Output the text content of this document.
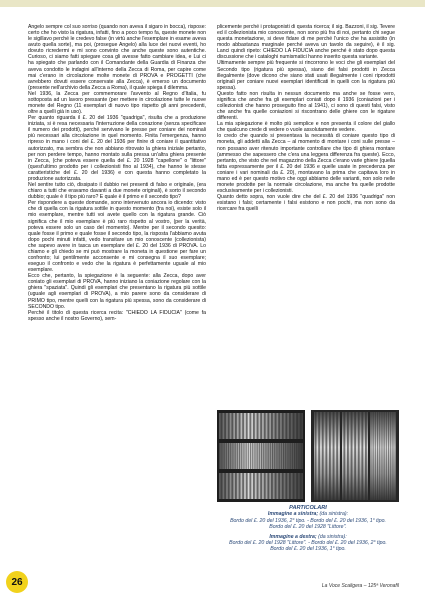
Angelo sempre col suo sorriso (quando non aveva il sigaro in bocca), rispose: certo che ho visto la rigatura, infatti, fino a poco tempo fa, queste monete non le sigillavo perché le credevo false (in virtù anche l'esemplare in esame aveva avuto quella sorte), ma poi, (prosegue Angelo) alla luce dei nuovi eventi, ho dovuto ricredermi e mi sono convinto che anche queste sono autentiche. Curioso, ci siamo fatti spiegare cosa gli avesse fatto cambiare idea, e Lui ci ha spiegato che parlando con il Comandante della Guardia di Finanza che aveva condotto le indagini all'interno della Zecca di Roma, per capire come mai c'erano in circolazione molte monete di PROVA e PROGETTI (che avrebbero dovuti essere conservate alla Zecca), è emerso un documento (presente nell'archivio della Zecca a Roma), il quale spiega il dilemma.

Nel 1936, la Zecca per commemorare l'avvento al Regno d'Italia, fu sottoposta ad un lavoro pressante (per mettere in circolazione tutte le nuove monete del Regno (11 esemplari di nuovo tipo rispetto gli anni precedenti, oltre a quelli già in uso).

Per quanto riguarda il £. 20 del 1936 "quadriga", risulta che a produzione iniziata, si è resa necessaria l'interruzione della conazione (senza specificare il numero dei prodotti), perché servivano le presse per coniare dei nominali più necessari alla circolazione in quel momento. Finita l'emergenza, hanno ripreso in mano i coni del £. 20 del 1936 per finire di coniare il quantitativo autorizzato, ma sembra che non abbiano ritrovato la ghiera iniziale pertanto, per non perdere tempo, hanno montato sulla pressa un'altra ghiera presente in Zecca, (che poteva essere quella del £. 20 1928 "capellone" o "littore" (quest'ultimo prodotto per i collezionisti fino al 1934), che hanno le stesse caratteristiche del £. 20 del 1936) e con questa hanno completato la produzione autorizzata.

Nel sentire tutto ciò, dissipato il dubbio nei presenti di falso e originale, (era chiaro a tutti che eravamo davanti a due monete originali), è sorto il secondo dubbio; quale è il tipo più raro? E quale è il primo e il secondo tipo?

Per rispondere a queste domande, sono intervenuto ancora io dicendo: visto che di quella con la rigatura sottile in questo momento (fra noi), esiste solo il mio esemplare, mentre tutti voi avete quello con la rigatura grande. Ciò significa che il mio esemplare è più raro rispetto al vostro, (per la verità, poteva essere solo un caso del momento). Mentre per il secondo quesito: quale fosse il primo e quale fosse il secondo tipo, la risposta l'abbiamo avuta dopo pochi minuti infatti, vedo transitare un mio conoscente (collezionista) che sapevo avere in tasca un esemplare del £. 20 del 1936 di PROVA. Lo chiamo e gli chiedo se mi può mostrare la moneta in questione per fare un confronto; lui gentilmente acconsente e mi consegna il suo esemplare; eseguo il confronto e vedo che la rigatura è perfettamente uguale al mio esemplare.

Ecco che, pertanto, la spiegazione è la seguente: alla Zecca, dopo aver coniato gli esemplari di PROVA, hanno iniziano la coniazione regolare con la ghiera "spaziata". Quindi gli esemplari che presentano la rigatura più sottile (uguale agli esemplari di PROVA), a mio parere sono da considerare di PRIMO tipo, mentre quelli con la rigatura più spessa, sono da considerare di SECONDO tipo.

Perché il titolo di questa ricerca recita: "CHIEDO LA FIDUCIA" (come fa spesso anche il nostro Governo), sem-

plicemente perché i protagonisti di questa ricerca; il sig. Bazzoni, il sig. Tevere ed il collezionista mio conoscente, non sono più fra di noi, pertanto chi segue questa monetazione, si deve fidare di me perché l'unico che ha assistito (in modo abbastanza marginale perché aveva un tavolo da seguire), è il sig. Lanci quindi ripeto: CHIEDO LA FIDUCIA anche perché è stato dopo questa discussione che i cataloghi numismatici hanno inserito questa variante.

Ultimamente sempre più frequente si rincorrono le voci che gli esemplari del Secondo tipo (rigatura più spessa), siano dei falsi prodotti in Zecca illegalmente (dove dicono che siano stati usati illegalmente i coni riprodotti originali per coniare nuovi esemplari identificati in quelli con la rigatura più spessa).

Questo fatto non risulta in nessun documento ma anche se fosse vero, significa che anche fra gli esemplari coniati dopo il 1936 (coniazioni per i collezionisti che hanno proseguito fino al 1941), ci sono di questi falsi, visto che anche fra quelle coniazioni si riscontrano delle ghiere con le rigature differenti.

La mia spiegazione è molto più semplice e non presenta il colore del giallo che qualcuno crede di vedere o vuole assolutamente vedere.

Io credo che quando si presentava la necessità di coniare questo tipo di moneta, gli addetti alla Zecca – al momento di montare i coni sulle presse – non possano aver ritenuto importante controllare che tipo di ghiera montare (ammesso che sapessero che c'era una leggera differenza fra queste). Ecco, pertanto, che visto che nel magazzino della Zecca c'erano varie ghiere (quella fatta espressamente per il £. 20 del 1936 e quelle usate in precedenza per coniare i vari nominali da £. 20), montavano la prima che capitava loro in mano ed è per questo motivo che oggi abbiamo delle varianti, non solo nelle monete prodotte per la normale circolazione, ma anche fra quelle prodotte esclusivamente per i collezionisti.

Quanto detto sopra, non vuole dire che del £. 20 del 1936 "quadriga" non esistano i falsi; certamente i falsi esistono e non pochi, ma non sono da ricercare fra quelli

PARTICOLARI
Immagine a sinistra; (da sinistra):
Bordo del £. 20 del 1936, 2° tipo. - Bordo del £. 20 del 1936, 1° tipo.
Bordo del £. 20 del 1928 "Littore".
Immagine a destra; (da sinistra):
Bordo del £. 20 del 1928 "Littore". - Bordo del £. 20 del 1936, 2° tipo.
Bordo del £. 20 del 1936, 1° tipo.
26	La Voce Scaligera – 125ª Veronafil
